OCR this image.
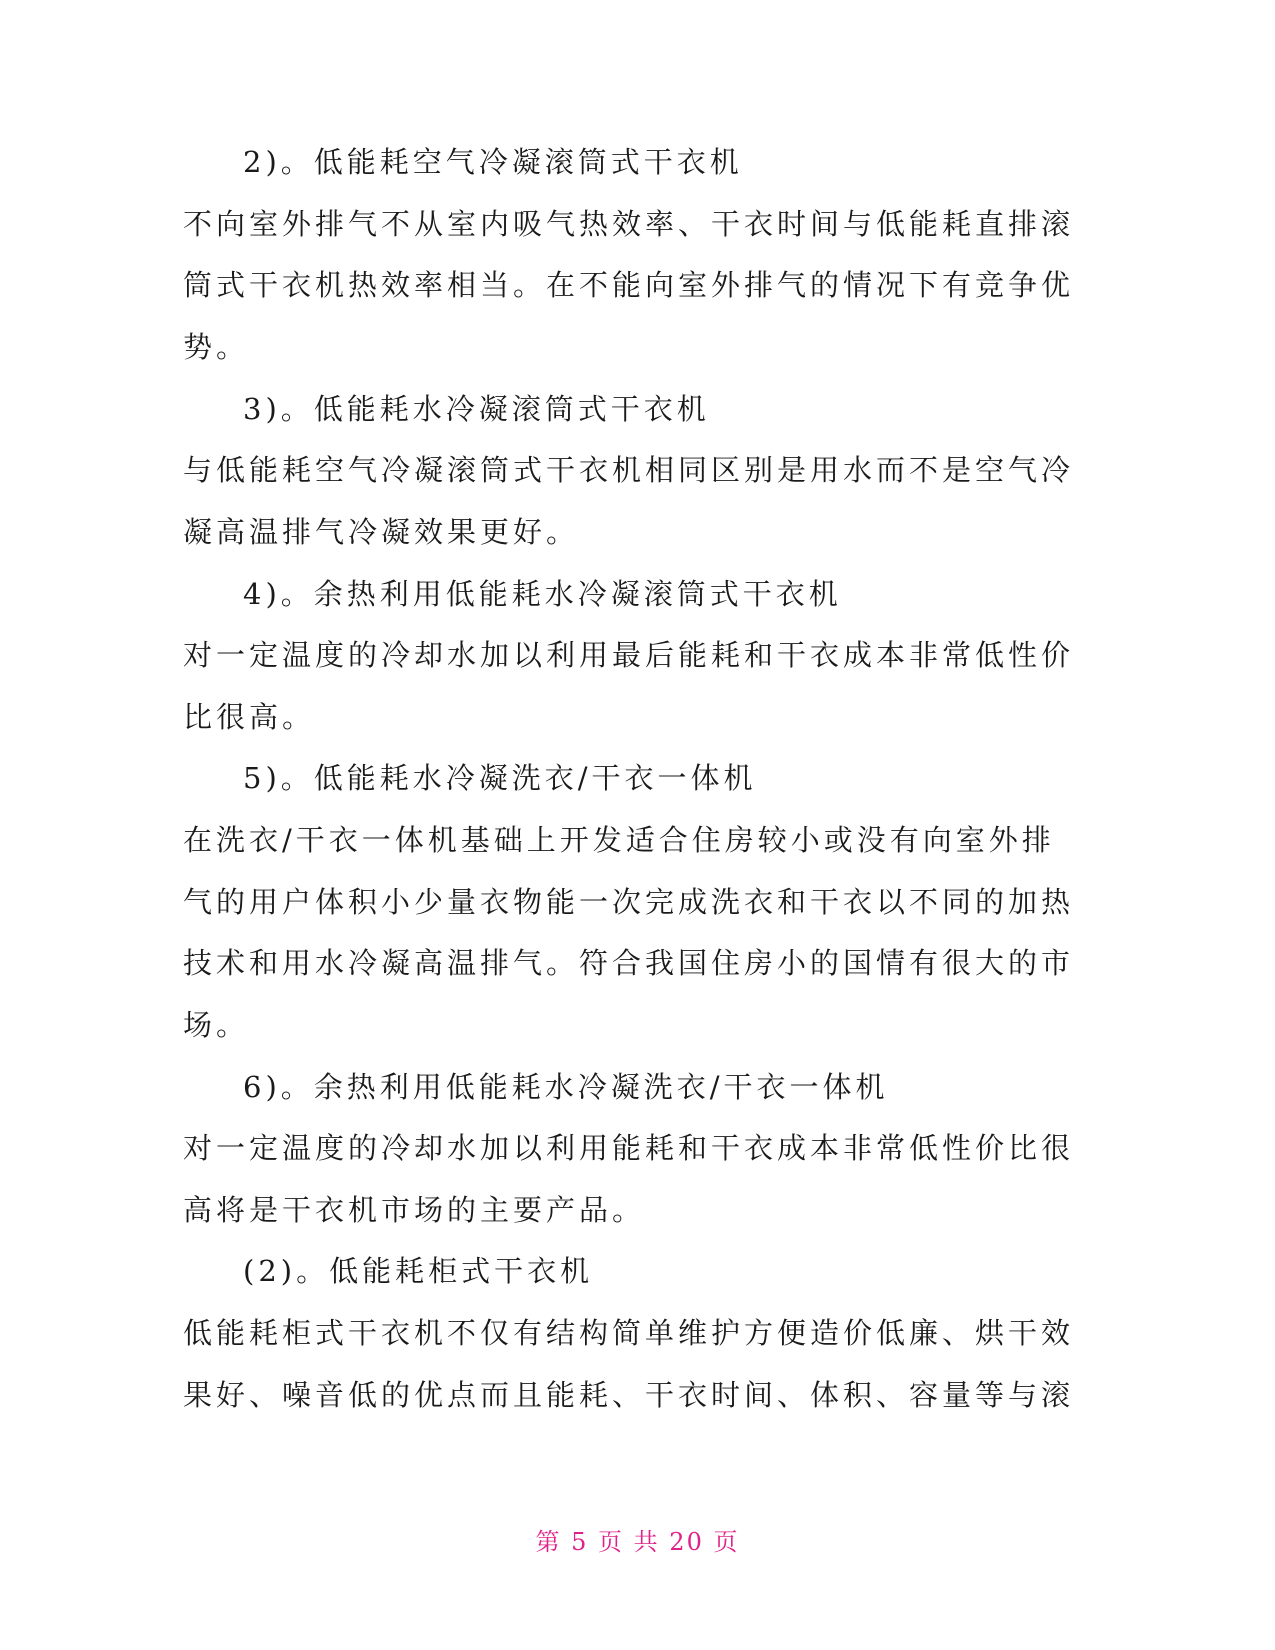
2)。低能耗空气冷凝滚筒式干衣机
不向室外排气不从室内吸气热效率、干衣时间与低能耗直排滚
筒式干衣机热效率相当。在不能向室外排气的情况下有竞争优
势。
3)。低能耗水冷凝滚筒式干衣机
与低能耗空气冷凝滚筒式干衣机相同区别是用水而不是空气冷
凝高温排气冷凝效果更好。
4)。余热利用低能耗水冷凝滚筒式干衣机
对一定温度的冷却水加以利用最后能耗和干衣成本非常低性价
比很高。
5)。低能耗水冷凝洗衣/干衣一体机
在洗衣/干衣一体机基础上开发适合住房较小或没有向室外排
气的用户体积小少量衣物能一次完成洗衣和干衣以不同的加热
技术和用水冷凝高温排气。符合我国住房小的国情有很大的市
场。
6)。余热利用低能耗水冷凝洗衣/干衣一体机
对一定温度的冷却水加以利用能耗和干衣成本非常低性价比很
高将是干衣机市场的主要产品。
(2)。低能耗柜式干衣机
低能耗柜式干衣机不仅有结构简单维护方便造价低廉、烘干效
果好、噪音低的优点而且能耗、干衣时间、体积、容量等与滚
第 5 页 共 20 页
